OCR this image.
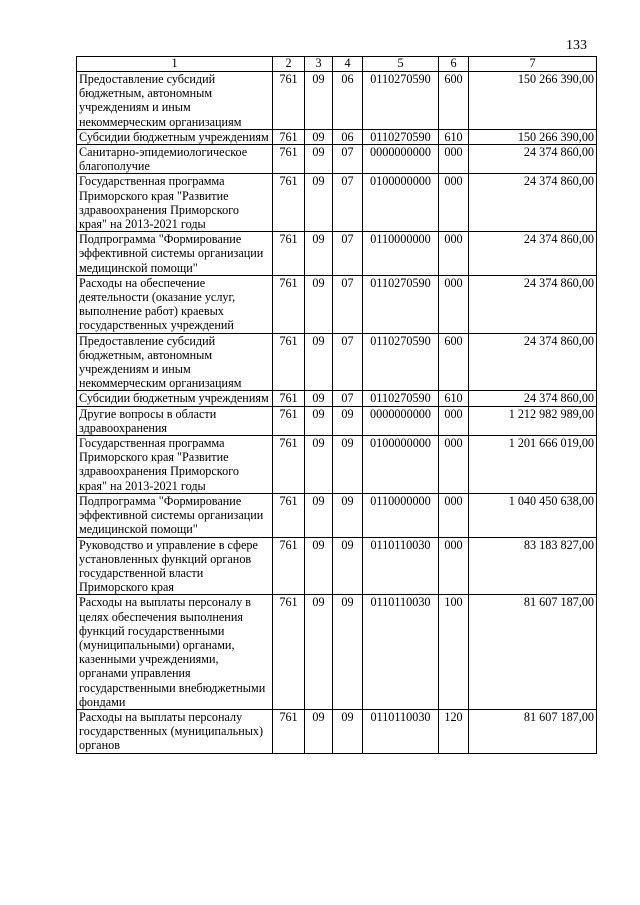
133
1	2	3	4	5	6	7
Предоставление субсидий бюджетным, автономным учреждениям и иным некоммерческим организациям	761	09	06	0110270590	600	150 266 390,00
Субсидии бюджетным учреждениям	761	09	06	0110270590	610	150 266 390,00
Санитарно-эпидемиологическое благополучие	761	09	07	0000000000	000	24 374 860,00
Государственная программа Приморского края "Развитие здравоохранения Приморского края" на 2013-2021 годы	761	09	07	0100000000	000	24 374 860,00
Подпрограмма "Формирование эффективной системы организации медицинской помощи"	761	09	07	0110000000	000	24 374 860,00
Расходы на обеспечение деятельности (оказание услуг, выполнение работ) краевых государственных учреждений	761	09	07	0110270590	000	24 374 860,00
Предоставление субсидий бюджетным, автономным учреждениям и иным некоммерческим организациям	761	09	07	0110270590	600	24 374 860,00
Субсидии бюджетным учреждениям	761	09	07	0110270590	610	24 374 860,00
Другие вопросы в области здравоохранения	761	09	09	0000000000	000	1 212 982 989,00
Государственная программа Приморского края "Развитие здравоохранения Приморского края" на 2013-2021 годы	761	09	09	0100000000	000	1 201 666 019,00
Подпрограмма "Формирование эффективной системы организации медицинской помощи"	761	09	09	0110000000	000	1 040 450 638,00
Руководство и управление в сфере установленных функций органов государственной власти Приморского края	761	09	09	0110110030	000	83 183 827,00
Расходы на выплаты персоналу в целях обеспечения выполнения функций государственными (муниципальными) органами, казенными учреждениями, органами управления государственными внебюджетными фондами	761	09	09	0110110030	100	81 607 187,00
Расходы на выплаты персоналу государственных (муниципальных) органов	761	09	09	0110110030	120	81 607 187,00
